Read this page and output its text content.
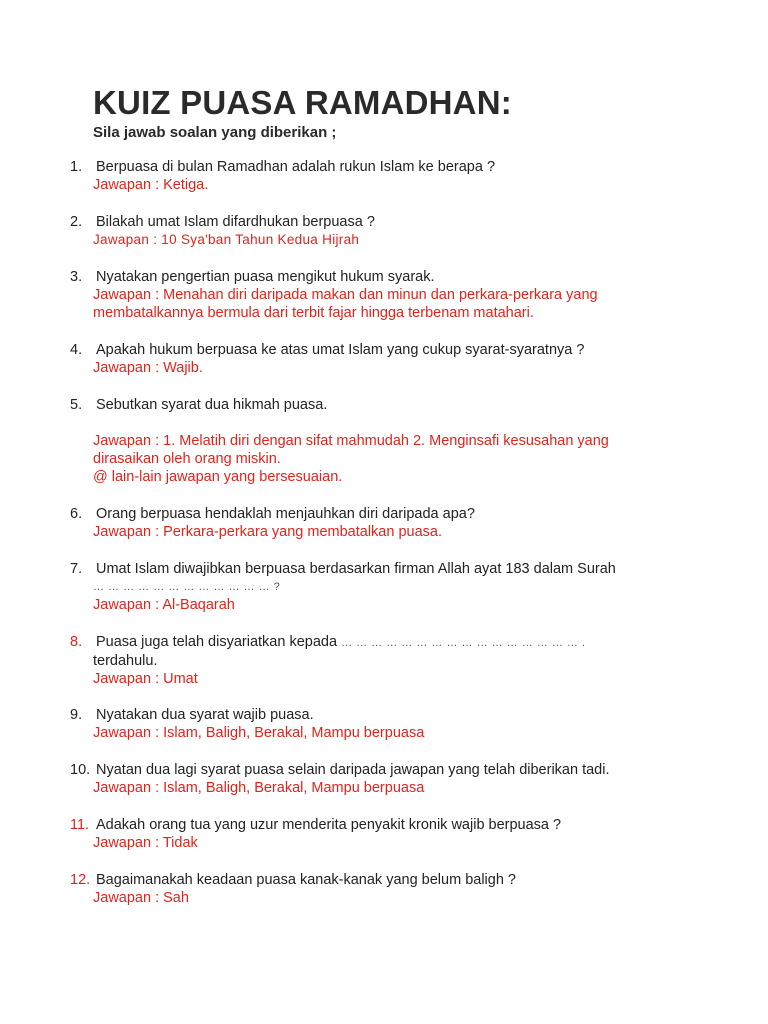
KUIZ PUASA RAMADHAN:
Sila jawab soalan yang diberikan ;
1. Berpuasa di bulan Ramadhan adalah rukun Islam ke berapa ?
Jawapan : Ketiga.
2. Bilakah umat Islam difardhukan berpuasa ?
Jawapan : 10 Sya'ban Tahun Kedua Hijrah
3. Nyatakan pengertian puasa mengikut hukum syarak.
Jawapan : Menahan diri daripada makan dan minun dan perkara-perkara yang
membatalkannya bermula dari terbit fajar hingga terbenam matahari.
4. Apakah hukum berpuasa ke atas umat Islam yang cukup syarat-syaratnya ?
Jawapan : Wajib.
5. Sebutkan syarat dua hikmah puasa.
Jawapan : 1. Melatih diri dengan sifat mahmudah 2. Menginsafi kesusahan yang
dirasaikan oleh orang miskin.
@ lain-lain jawapan yang bersesuaian.
6. Orang berpuasa hendaklah menjauhkan diri daripada apa?
Jawapan : Perkara-perkara yang membatalkan puasa.
7. Umat Islam diwajibkan berpuasa berdasarkan firman Allah ayat 183 dalam Surah
… … … … … … … … … … … … ?
Jawapan : Al-Baqarah
8. Puasa juga telah disyariatkan kepada … … … … … … … … … … … … … … … … .
terdahulu.
Jawapan : Umat
9. Nyatakan dua syarat wajib puasa.
Jawapan : Islam, Baligh, Berakal, Mampu berpuasa
10. Nyatan dua lagi syarat puasa selain daripada jawapan yang telah diberikan tadi.
Jawapan : Islam, Baligh, Berakal, Mampu berpuasa
11. Adakah orang tua yang uzur menderita penyakit kronik wajib berpuasa ?
Jawapan : Tidak
12. Bagaimanakah keadaan puasa kanak-kanak yang belum baligh ?
Jawapan : Sah
